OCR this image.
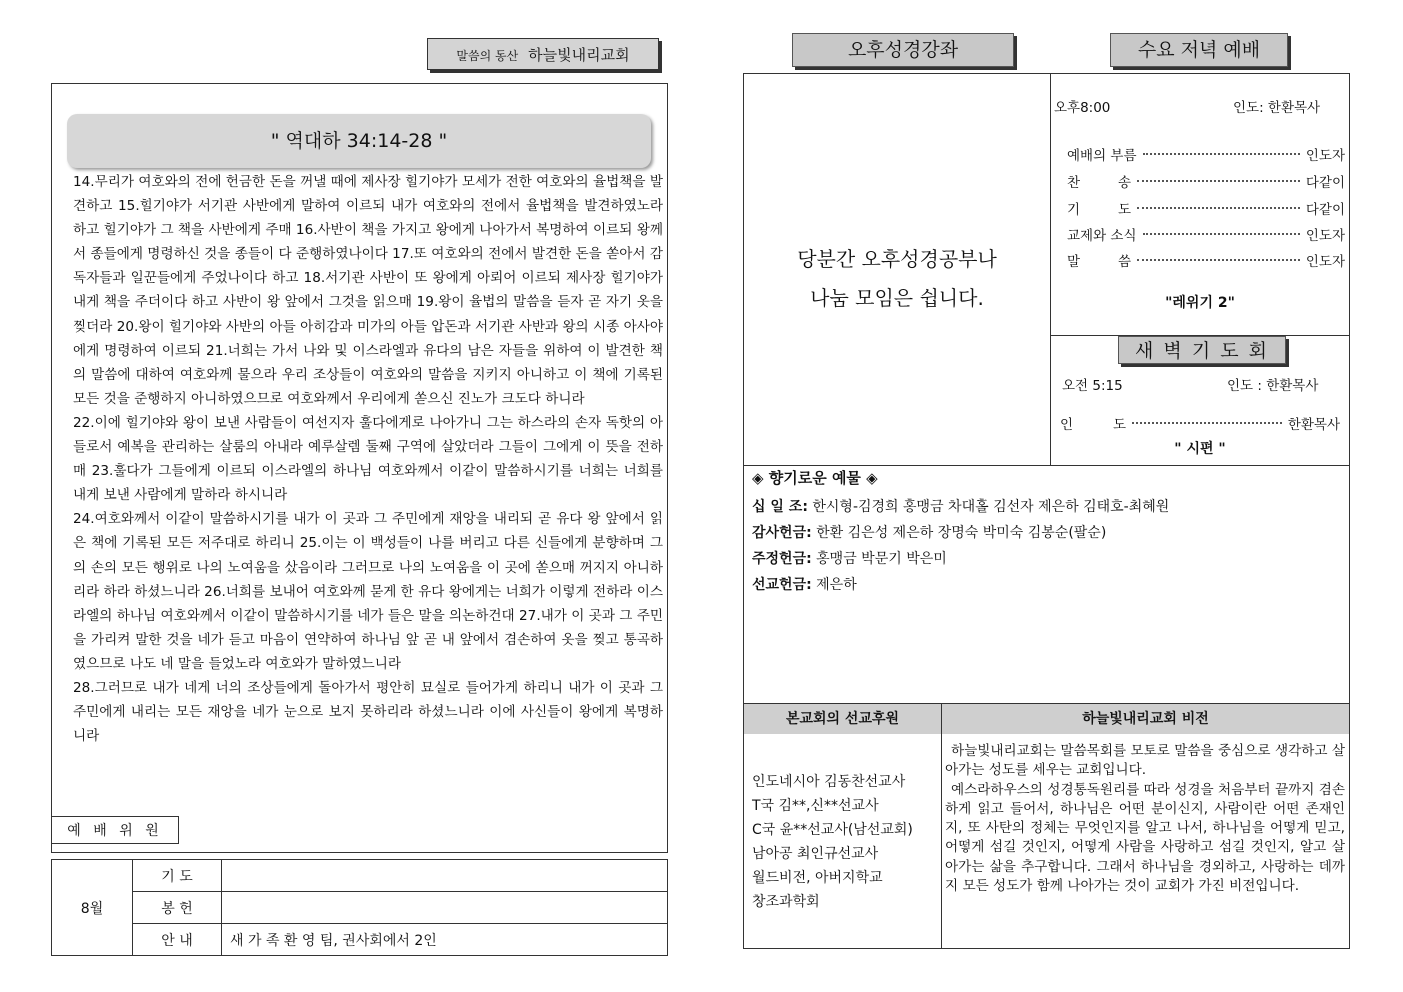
말씀의 동산 하늘빛내리교회
" 역대하 34:14-28 "

14.무리가 여호와의 전에 헌금한 돈을 꺼낼 때에 제사장 힐기야가 모세가 전한 여호와의 율법책을 발견하고 15.힐기야가 서기관 사반에게 말하여 이르되 내가 여호와의 전에서 율법책을 발견하였노라 하고 힐기야가 그 책을 사반에게 주매 16.사반이 책을 가지고 왕에게 나아가서 복명하여 이르되 왕께서 종들에게 명령하신 것을 종들이 다 준행하였나이다 17.또 여호와의 전에서 발견한 돈을 쏟아서 감독자들과 일꾼들에게 주었나이다 하고 18.서기관 사반이 또 왕에게 아뢰어 이르되 제사장 힐기야가 내게 책을 주더이다 하고 사반이 왕 앞에서 그것을 읽으매 19.왕이 율법의 말씀을 듣자 곧 자기 옷을 찢더라 20.왕이 힐기야와 사반의 아들 아히감과 미가의 아들 압돈과 서기관 사반과 왕의 시종 아사야에게 명령하여 이르되 21.너희는 가서 나와 및 이스라엘과 유다의 남은 자들을 위하여 이 발견한 책의 말씀에 대하여 여호와께 물으라 우리 조상들이 여호와의 말씀을 지키지 아니하고 이 책에 기록된 모든 것을 준행하지 아니하였으므로 여호와께서 우리에게 쏟으신 진노가 크도다 하니라

22.이에 힐기야와 왕이 보낸 사람들이 여선지자 훌다에게로 나아가니 그는 하스라의 손자 독핫의 아들로서 예복을 관리하는 살룸의 아내라 예루살렘 둘째 구역에 살았더라 그들이 그에게 이 뜻을 전하매 23.훌다가 그들에게 이르되 이스라엘의 하나님 여호와께서 이같이 말씀하시기를 너희는 너희를 내게 보낸 사람에게 말하라 하시니라

24.여호와께서 이같이 말씀하시기를 내가 이 곳과 그 주민에게 재앙을 내리되 곧 유다 왕 앞에서 읽은 책에 기록된 모든 저주대로 하리니 25.이는 이 백성들이 나를 버리고 다른 신들에게 분향하며 그의 손의 모든 행위로 나의 노여움을 샀음이라 그러므로 나의 노여움을 이 곳에 쏟으매 꺼지지 아니하리라 하라 하셨느니라 26.너희를 보내어 여호와께 묻게 한 유다 왕에게는 너희가 이렇게 전하라 이스라엘의 하나님 여호와께서 이같이 말씀하시기를 네가 들은 말을 의논하건대 27.내가 이 곳과 그 주민을 가리켜 말한 것을 네가 듣고 마음이 연약하여 하나님 앞 곧 내 앞에서 겸손하여 옷을 찢고 통곡하였으므로 나도 네 말을 들었노라 여호와가 말하였느니라

28.그러므로 내가 네게 너의 조상들에게 돌아가서 평안히 묘실로 들어가게 하리니 내가 이 곳과 그 주민에게 내리는 모든 재앙을 네가 눈으로 보지 못하리라 하셨느니라 이에 사신들이 왕에게 복명하니라

예 배 위 원
8월	기 도	
	봉 헌	
	안 내	새 가 족 환 영 팀, 권사회에서 2인
오후성경강좌	수요 저녁 예배
당분간 오후성경공부나
나눔 모임은 쉽니다.
오후8:00	인도: 한환목사
예배의 부름	인도자
찬	송	다같이
기	도	다같이
교제와 소식	인도자
말	씀	인도자
"레위기 2"
새 벽 기 도 회
오전 5:15	인도 : 한환목사
인	도	한환목사
" 시편 "
◈ 향기로운 예물 ◈
십 일 조: 한시형-김경희 홍맹금 차대홀 김선자 제은하 김태호-최혜원
감사헌금: 한환 김은성 제은하 장명숙 박미숙 김봉순(팔순)
주정헌금: 홍맹금 박문기 박은미
선교헌금: 제은하
본교회의 선교후원	하늘빛내리교회 비전
인도네시아 김동찬선교사
T국 김**,신**선교사
C국 윤**선교사(남선교회)
남아공 최인규선교사
월드비전, 아버지학교
창조과학회
하늘빛내리교회는 말씀목회를 모토로 말씀을 중심으로 생각하고 살아가는 성도를 세우는 교회입니다.
예스라하우스의 성경통독원리를 따라 성경을 처음부터 끝까지 겸손하게 읽고 들어서, 하나님은 어떤 분이신지, 사람이란 어떤 존재인지, 또 사탄의 정체는 무엇인지를 알고 나서, 하나님을 어떻게 믿고, 어떻게 섬길 것인지, 어떻게 사람을 사랑하고 섬길 것인지, 알고 살아가는 삶을 추구합니다. 그래서 하나님을 경외하고, 사랑하는 데까지 모든 성도가 함께 나아가는 것이 교회가 가진 비전입니다.
